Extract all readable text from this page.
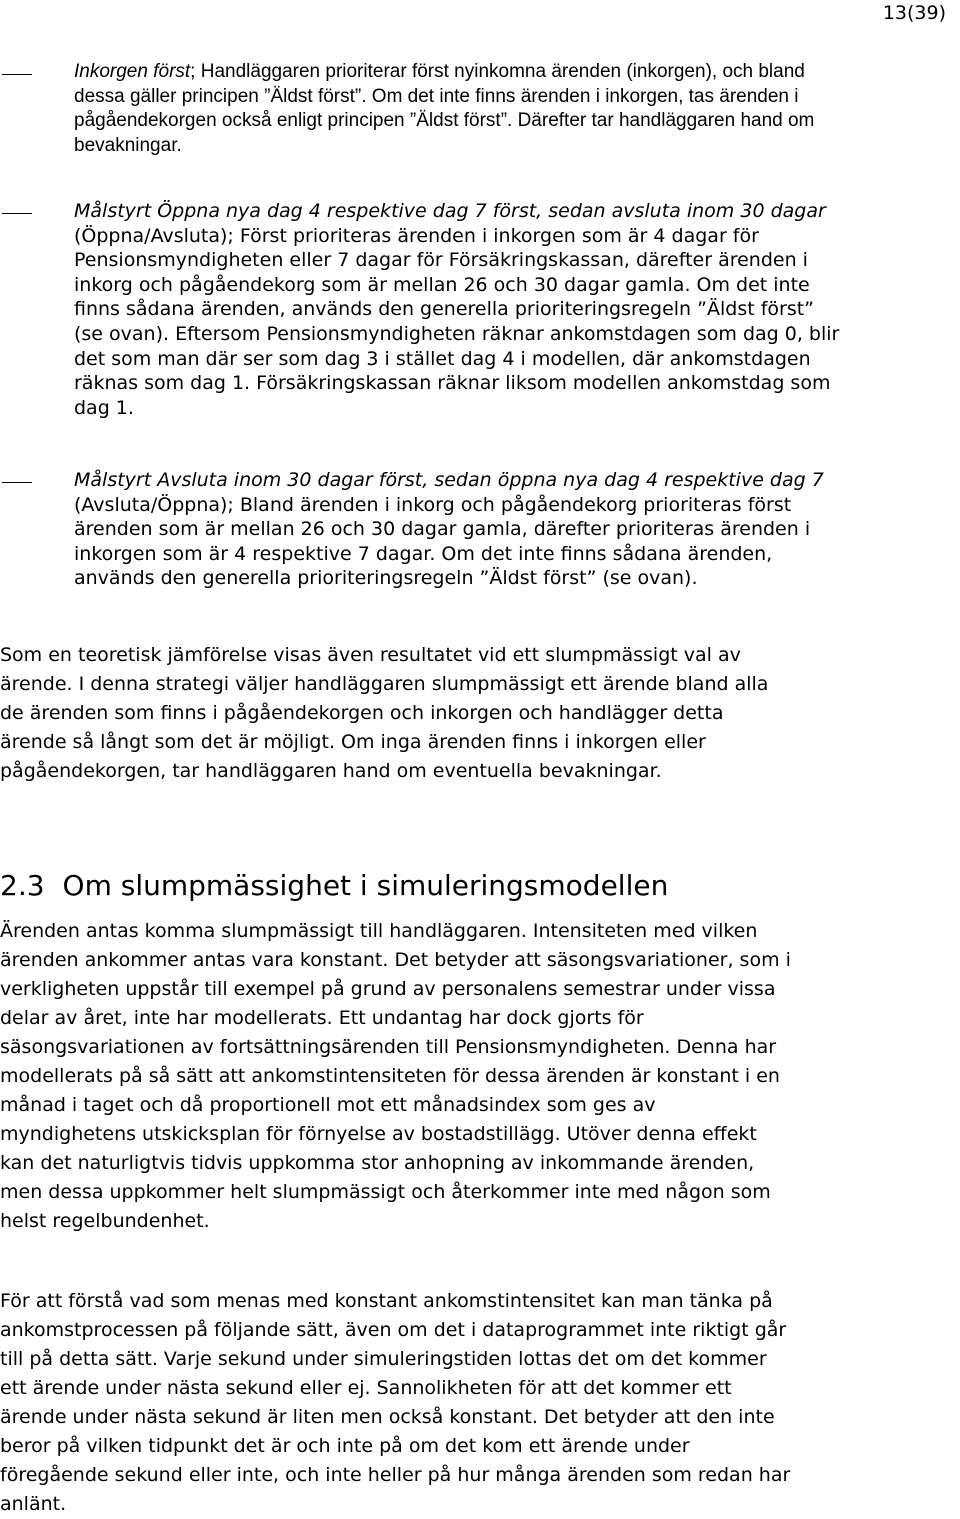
13(39)

Inkorgen först; Handläggaren prioriterar först nyinkomna ärenden (inkorgen), och bland dessa gäller principen ”Äldst först”. Om det inte finns ärenden i inkorgen, tas ärenden i pågåendekorgen också enligt principen ”Äldst först”. Därefter tar handläggaren hand om bevakningar.

Målstyrt Öppna nya dag 4 respektive dag 7 först, sedan avsluta inom 30 dagar (Öppna/Avsluta); Först prioriteras ärenden i inkorgen som är 4 dagar för Pensionsmyndigheten eller 7 dagar för Försäkringskassan, därefter ärenden i inkorg och pågåendekorg som är mellan 26 och 30 dagar gamla. Om det inte finns sådana ärenden, används den generella prioriteringsregeln ”Äldst först” (se ovan). Eftersom Pensionsmyndigheten räknar ankomstdagen som dag 0, blir det som man där ser som dag 3 i stället dag 4 i modellen, där ankomstdagen räknas som dag 1. Försäkringskassan räknar liksom modellen ankomstdag som dag 1.

Målstyrt Avsluta inom 30 dagar först, sedan öppna nya dag 4 respektive dag 7 (Avsluta/Öppna); Bland ärenden i inkorg och pågåendekorg prioriteras först ärenden som är mellan 26 och 30 dagar gamla, därefter prioriteras ärenden i inkorgen som är 4 respektive 7 dagar. Om det inte finns sådana ärenden, används den generella prioriteringsregeln ”Äldst först” (se ovan).

Som en teoretisk jämförelse visas även resultatet vid ett slumpmässigt val av ärende. I denna strategi väljer handläggaren slumpmässigt ett ärende bland alla de ärenden som finns i pågåendekorgen och inkorgen och handlägger detta ärende så långt som det är möjligt. Om inga ärenden finns i inkorgen eller pågåendekorgen, tar handläggaren hand om eventuella bevakningar.

2.3 Om slumpmässighet i simuleringsmodellen

Ärenden antas komma slumpmässigt till handläggaren. Intensiteten med vilken ärenden ankommer antas vara konstant. Det betyder att säsongsvariationer, som i verkligheten uppstår till exempel på grund av personalens semestrar under vissa delar av året, inte har modellerats. Ett undantag har dock gjorts för säsongsvariationen av fortsättningsärenden till Pensionsmyndigheten. Denna har modellerats på så sätt att ankomstintensiteten för dessa ärenden är konstant i en månad i taget och då proportionell mot ett månadsindex som ges av myndighetens utskicksplan för förnyelse av bostadstillägg. Utöver denna effekt kan det naturligtvis tidvis uppkomma stor anhopning av inkommande ärenden, men dessa uppkommer helt slumpmässigt och återkommer inte med någon som helst regelbundenhet.

För att förstå vad som menas med konstant ankomstintensitet kan man tänka på ankomstprocessen på följande sätt, även om det i dataprogrammet inte riktigt går till på detta sätt. Varje sekund under simuleringstiden lottas det om det kommer ett ärende under nästa sekund eller ej. Sannolikheten för att det kommer ett ärende under nästa sekund är liten men också konstant. Det betyder att den inte beror på vilken tidpunkt det är och inte på om det kom ett ärende under föregående sekund eller inte, och inte heller på hur många ärenden som redan har anlänt.
